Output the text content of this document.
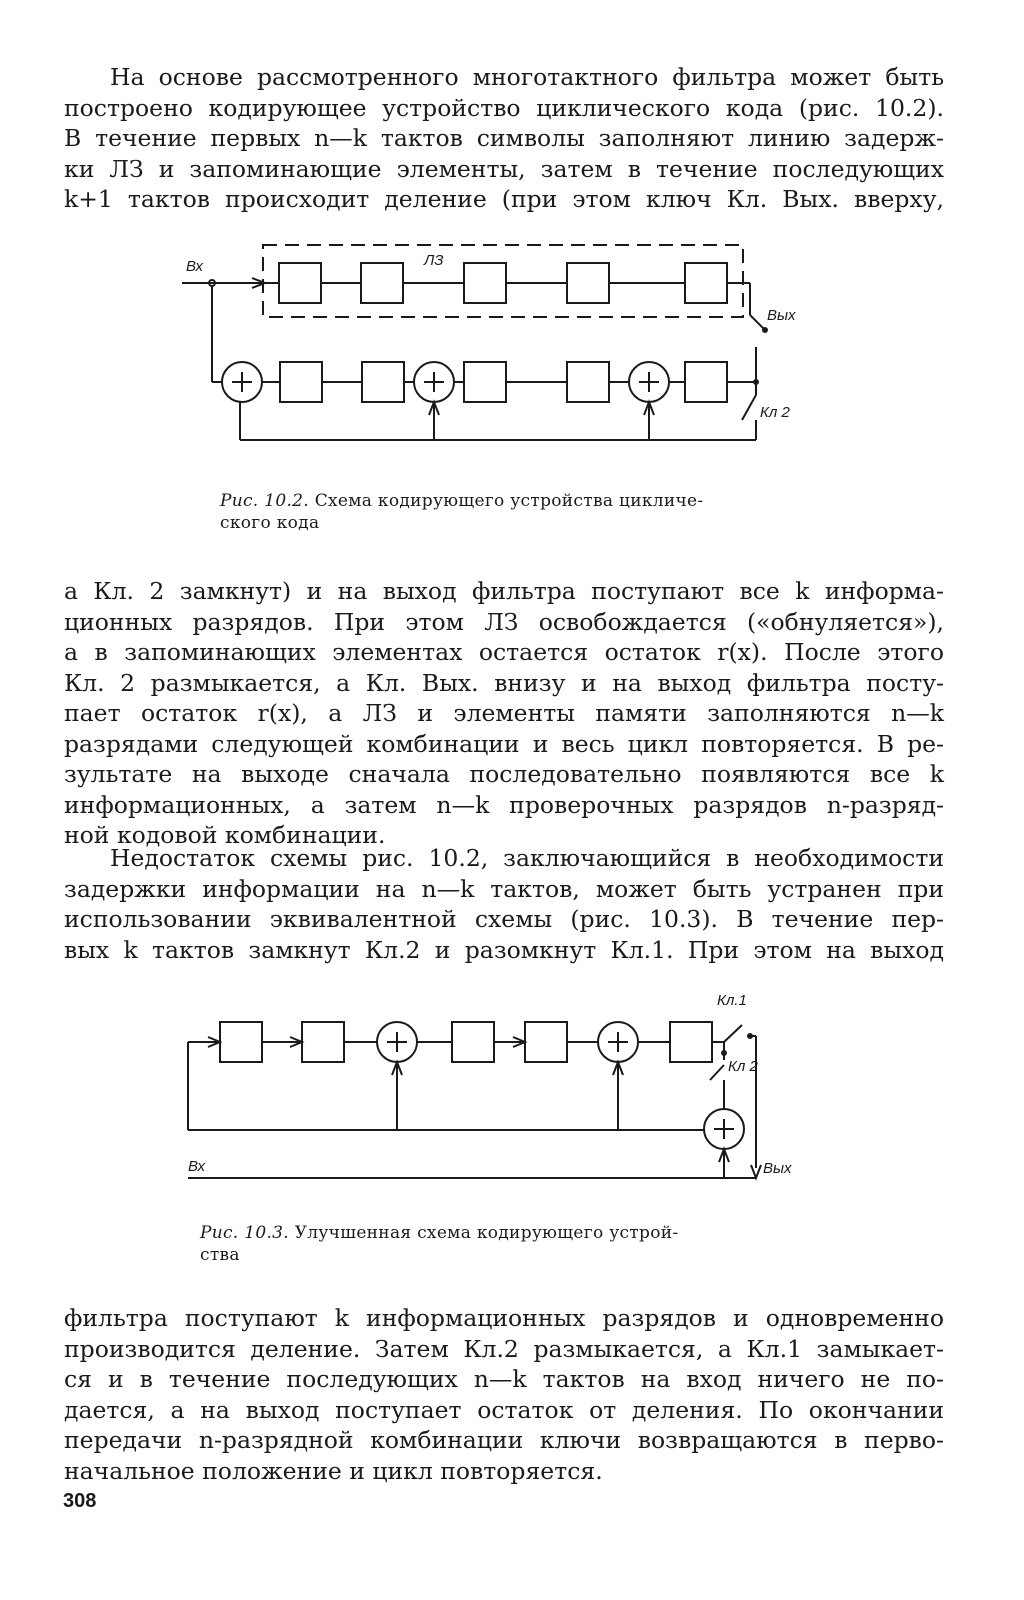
На основе рассмотренного многотактного фильтра может быть
построено кодирующее устройство циклического кода (рис. 10.2).
В течение первых n—k тактов символы заполняют линию задерж-
ки ЛЗ и запоминающие элементы, затем в течение последующих
k+1 тактов происходит деление (при этом ключ Кл. Вых. вверху,

Вх	ЛЗ
Вых
Кл 2
Рис. 10.2. Схема кодирующего устройства цикличе-
ского кода

а Кл. 2 замкнут) и на выход фильтра поступают все k информа-
ционных разрядов. При этом ЛЗ освобождается («обнуляется»),
а в запоминающих элементах остается остаток r(x). После этого
Кл. 2 размыкается, а Кл. Вых. внизу и на выход фильтра посту-
пает остаток r(x), а ЛЗ и элементы памяти заполняются n—k
разрядами следующей комбинации и весь цикл повторяется. В ре-
зультате на выходе сначала последовательно появляются все k
информационных, а затем n—k проверочных разрядов n-разряд-
ной кодовой комбинации.

Недостаток схемы рис. 10.2, заключающийся в необходимости
задержки информации на n—k тактов, может быть устранен при
использовании эквивалентной схемы (рис. 10.3). В течение пер-
вых k тактов замкнут Кл.2 и разомкнут Кл.1. При этом на выход

Кл.1
Кл 2
Вх	Вых
Рис. 10.3. Улучшенная схема кодирующего устрой-
ства

фильтра поступают k информационных разрядов и одновременно
производится деление. Затем Кл.2 размыкается, а Кл.1 замыкает-
ся и в течение последующих n—k тактов на вход ничего не по-
дается, а на выход поступает остаток от деления. По окончании
передачи n-разрядной комбинации ключи возвращаются в перво-
начальное положение и цикл повторяется.

308
